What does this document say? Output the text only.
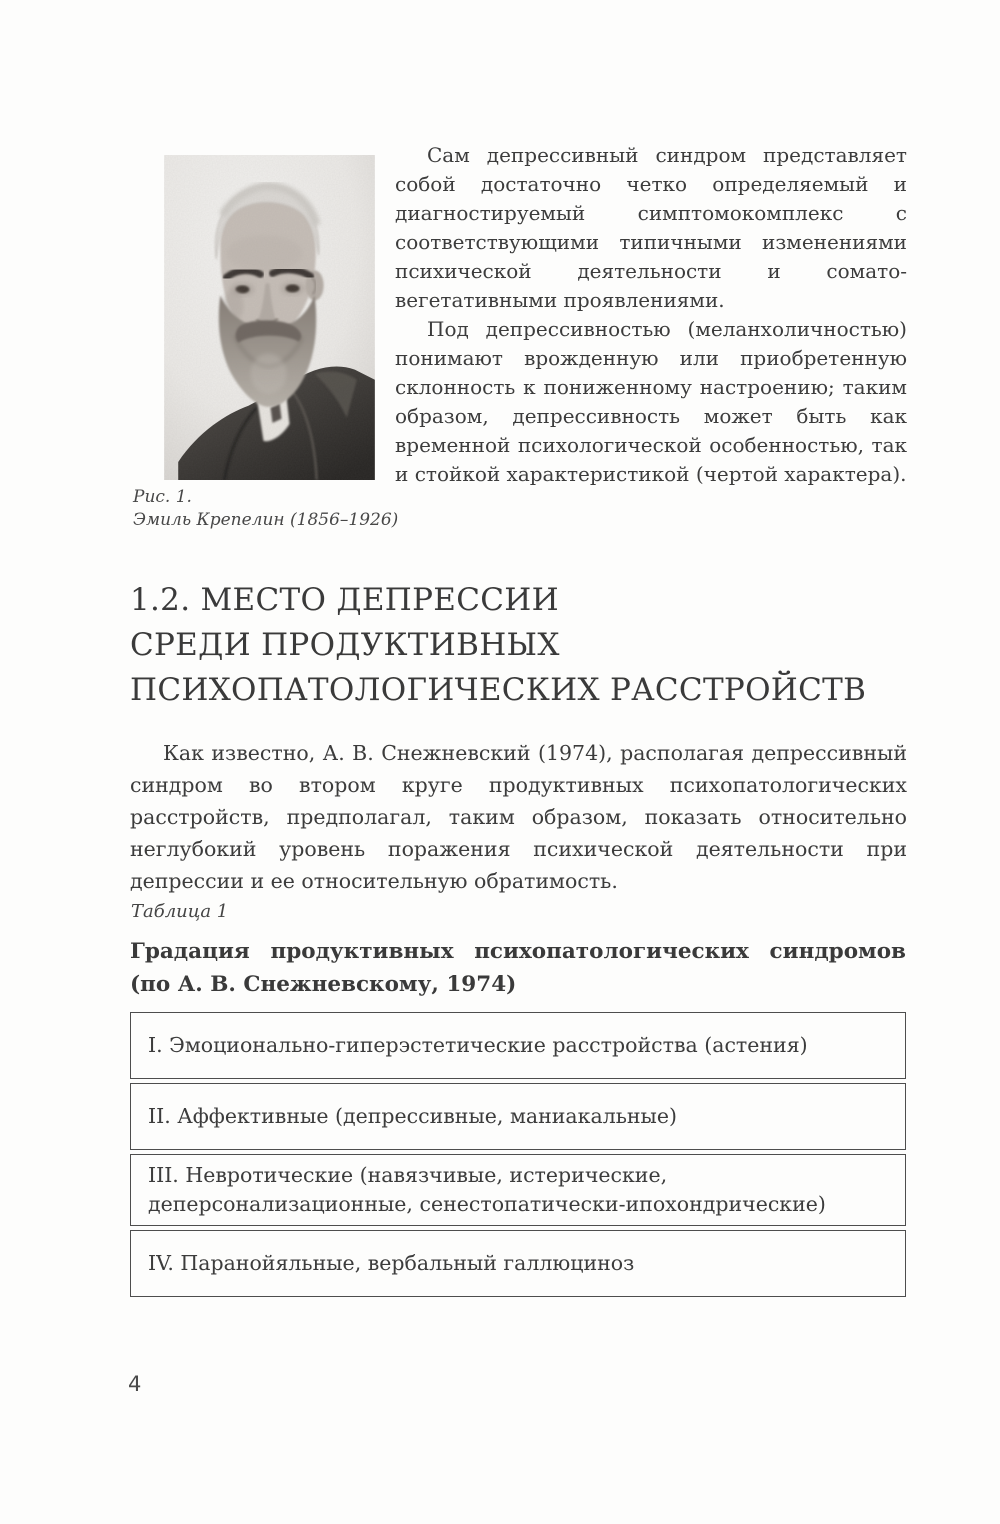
Рис. 1.
Эмиль Крепелин (1856–1926)

Сам депрессивный синдром представляет собой достаточно четко определяемый и диагностируемый симптомокомплекс с соответствующими типичными изменениями психической деятельности и сомато-вегетативными проявлениями.

Под депрессивностью (меланхоличностью) понимают врожденную или приобретенную склонность к пониженному настроению; таким образом, депрессивность может быть как временной психологической особенностью, так и стойкой характеристикой (чертой характера).

1.2. МЕСТО ДЕПРЕССИИ
СРЕДИ ПРОДУКТИВНЫХ
ПСИХОПАТОЛОГИЧЕСКИХ РАССТРОЙСТВ

Как известно, А. В. Снежневский (1974), располагая депрессивный синдром во втором круге продуктивных психопатологических расстройств, предполагал, таким образом, показать относительно неглубокий уровень поражения психической деятельности при депрессии и ее относительную обратимость.

Таблица 1
Градация продуктивных психопатологических синдромов
(по А. В. Снежневскому, 1974)
I. Эмоционально-гиперэстетические расстройства (астения)
II. Аффективные (депрессивные, маниакальные)
III. Невротические (навязчивые, истерические, деперсонализационные, сенестопатически-ипохондрические)
IV. Паранойяльные, вербальный галлюциноз
4
